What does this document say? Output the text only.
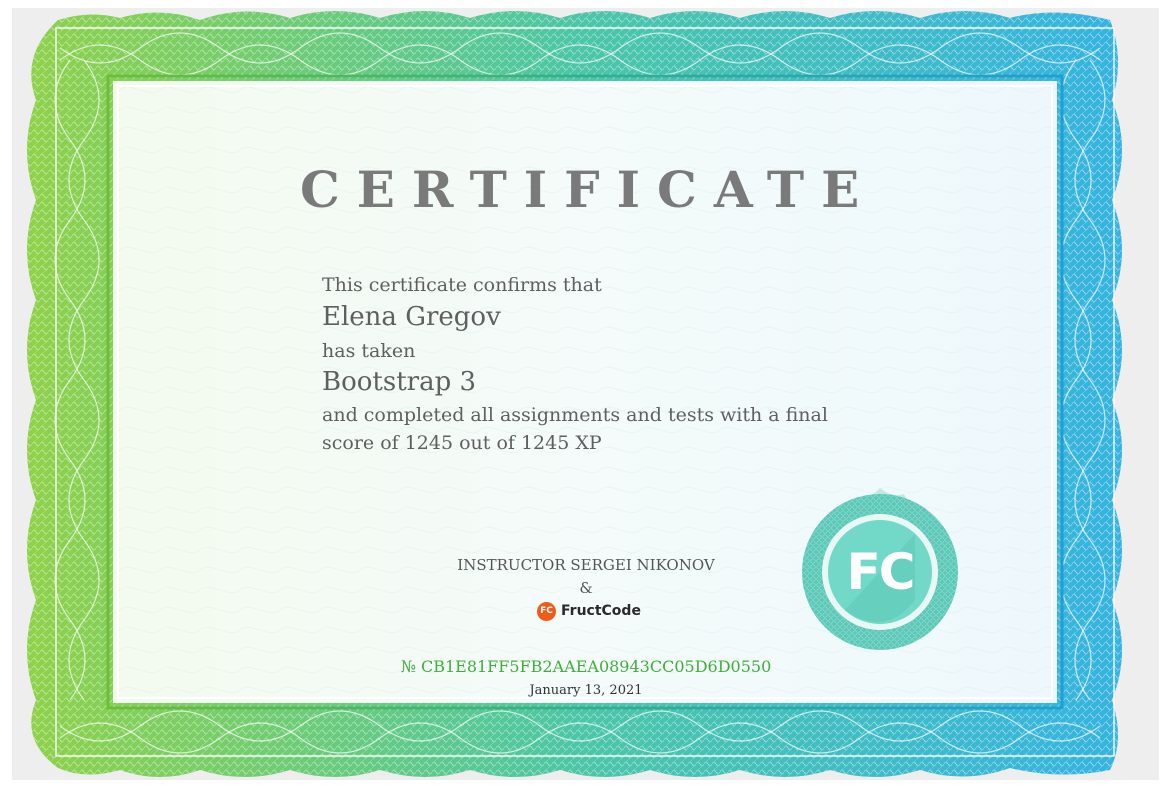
CERTIFICATE
This certificate confirms that
Elena Gregov
has taken
Bootstrap 3
and completed all assignments and tests with a final
score of 1245 out of 1245 XP
INSTRUCTOR SERGEI NIKONOV
&
FC FructCode
FC
№ CB1E81FF5FB2AAEA08943CC05D6D0550
January 13, 2021
